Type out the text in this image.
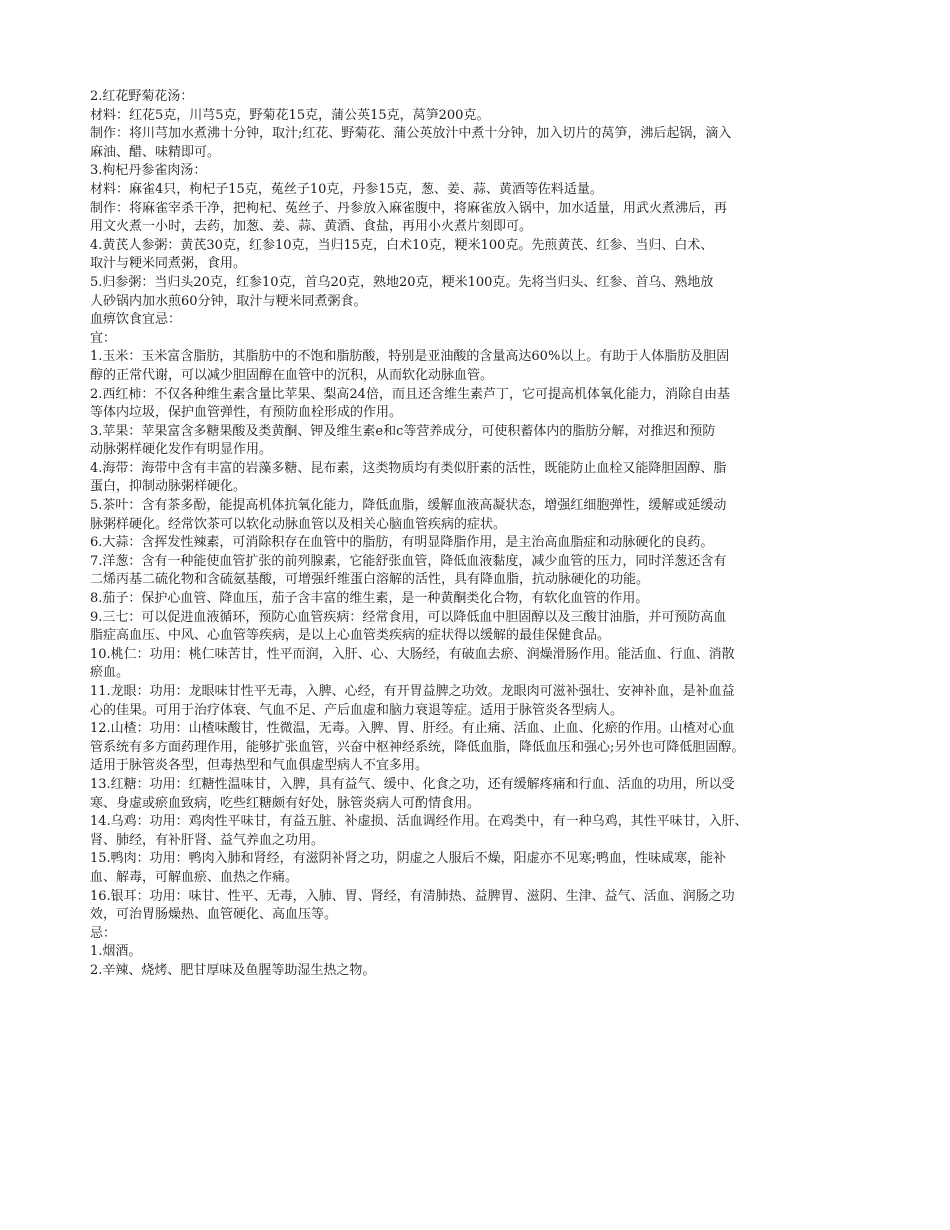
2.红花野菊花汤：
材料：红花5克，川芎5克，野菊花15克，蒲公英15克，莴笋200克。
制作：将川芎加水煮沸十分钟，取汁;红花、野菊花、蒲公英放汁中煮十分钟，加入切片的莴笋，沸后起锅，滴入
麻油、醋、味精即可。
3.枸杞丹参雀肉汤：
材料：麻雀4只，枸杞子15克，菟丝子10克，丹参15克，葱、姜、蒜、黄酒等佐料适量。
制作：将麻雀宰杀干净，把枸杞、菟丝子、丹参放入麻雀腹中，将麻雀放入锅中，加水适量，用武火煮沸后，再
用文火煮一小时，去药，加葱、姜、蒜、黄酒、食盐，再用小火煮片刻即可。
4.黄芪人参粥：黄芪30克，红参10克，当归15克，白术10克，粳米100克。先煎黄芪、红参、当归、白术、
取汁与粳米同煮粥，食用。
5.归参粥：当归头20克，红参10克，首乌20克，熟地20克，粳米100克。先将当归头、红参、首乌、熟地放
人砂锅内加水煎60分钟，取汁与粳米同煮粥食。
血痹饮食宜忌：
宜：
1.玉米：玉米富含脂肪，其脂肪中的不饱和脂肪酸，特别是亚油酸的含量高达60%以上。有助于人体脂肪及胆固
醇的正常代谢，可以减少胆固醇在血管中的沉积，从而软化动脉血管。
2.西红柿：不仅各种维生素含量比苹果、梨高24倍，而且还含维生素芦丁，它可提高机体氧化能力，消除自由基
等体内垃圾，保护血管弹性，有预防血栓形成的作用。
3.苹果：苹果富含多糖果酸及类黄酮、钾及维生素e和c等营养成分，可使积蓄体内的脂肪分解，对推迟和预防
动脉粥样硬化发作有明显作用。
4.海带：海带中含有丰富的岩藻多糖、昆布素，这类物质均有类似肝素的活性，既能防止血栓又能降胆固醇、脂
蛋白，抑制动脉粥样硬化。
5.茶叶：含有茶多酚，能提高机体抗氧化能力，降低血脂，缓解血液高凝状态，增强红细胞弹性，缓解或延缓动
脉粥样硬化。经常饮茶可以软化动脉血管以及相关心脑血管疾病的症状。
6.大蒜：含挥发性辣素，可消除积存在血管中的脂肪，有明显降脂作用，是主治高血脂症和动脉硬化的良药。
7.洋葱：含有一种能使血管扩张的前列腺素，它能舒张血管，降低血液黏度，减少血管的压力，同时洋葱还含有
二烯丙基二硫化物和含硫氨基酸，可增强纤维蛋白溶解的活性，具有降血脂，抗动脉硬化的功能。
8.茄子：保护心血管、降血压，茄子含丰富的维生素，是一种黄酮类化合物，有软化血管的作用。
9.三七：可以促进血液循环，预防心血管疾病：经常食用，可以降低血中胆固醇以及三酸甘油脂，并可预防高血
脂症高血压、中风、心血管等疾病，是以上心血管类疾病的症状得以缓解的最佳保健食品。
10.桃仁：功用：桃仁味苦甘，性平而润，入肝、心、大肠经，有破血去瘀、润燥滑肠作用。能活血、行血、消散
瘀血。
11.龙眼：功用：龙眼味甘性平无毒，入脾、心经，有开胃益脾之功效。龙眼肉可滋补强壮、安神补血，是补血益
心的佳果。可用于治疗体衰、气血不足、产后血虚和脑力衰退等症。适用于脉管炎各型病人。
12.山楂：功用：山楂味酸甘，性微温，无毒。入脾、胃、肝经。有止痛、活血、止血、化瘀的作用。山楂对心血
管系统有多方面药理作用，能够扩张血管，兴奋中枢神经系统，降低血脂，降低血压和强心;另外也可降低胆固醇。
适用于脉管炎各型，但毒热型和气血俱虚型病人不宜多用。
13.红糖：功用：红糖性温味甘，入脾，具有益气、缓中、化食之功，还有缓解疼痛和行血、活血的功用，所以受
寒、身虚或瘀血致病，吃些红糖颇有好处，脉管炎病人可酌情食用。
14.乌鸡：功用：鸡肉性平味甘，有益五脏、补虚损、活血调经作用。在鸡类中，有一种乌鸡，其性平味甘，入肝、
肾、肺经，有补肝肾、益气养血之功用。
15.鸭肉：功用：鸭肉入肺和肾经，有滋阴补肾之功，阴虚之人服后不燥，阳虚亦不见寒;鸭血，性味咸寒，能补
血、解毒，可解血瘀、血热之作痛。
16.银耳：功用：味甘、性平、无毒，入肺、胃、肾经，有清肺热、益脾胃、滋阴、生津、益气、活血、润肠之功
效，可治胃肠燥热、血管硬化、高血压等。
忌：
1.烟酒。
2.辛辣、烧烤、肥甘厚味及鱼腥等助湿生热之物。
